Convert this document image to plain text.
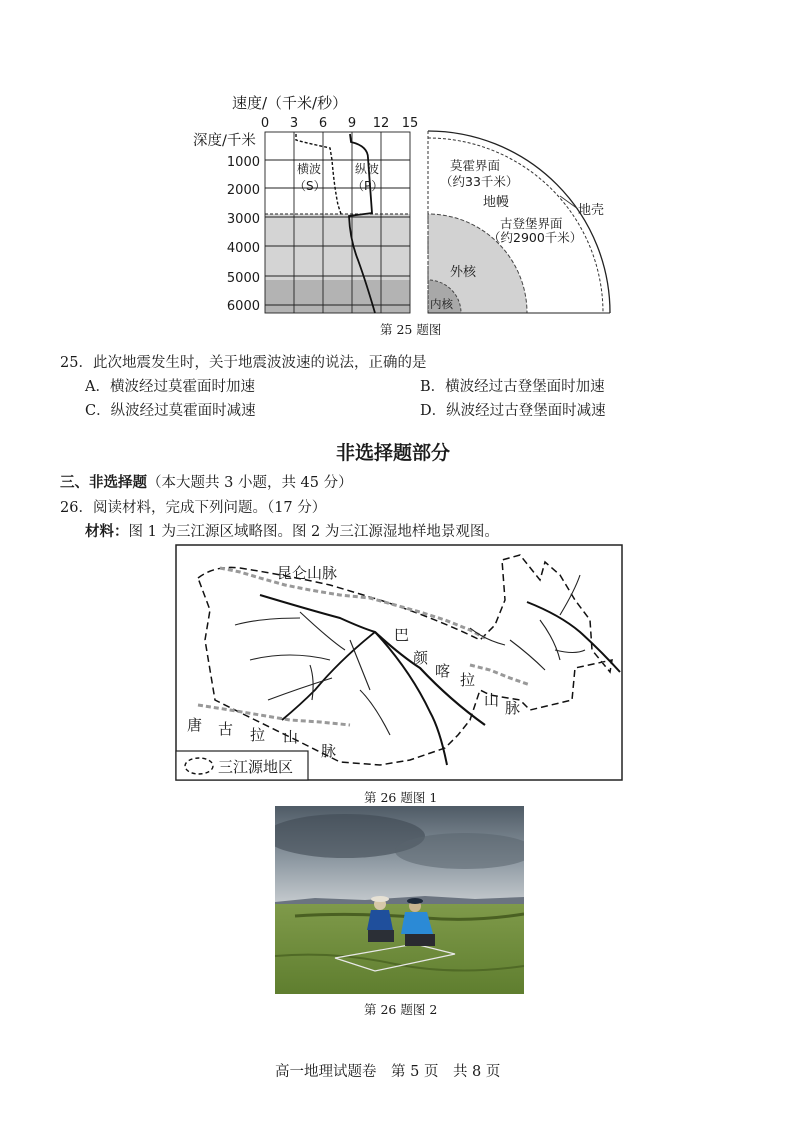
速度/（千米/秒）
深度/千米
0 3 6 9 12 15
1000
2000
3000
4000
5000
6000
横波
（S）
纵波
（P）
莫霍界面
（约33千米）
地幔
地壳
古登堡界面
（约2900千米）
外核
内核
第 25 题图
25．此次地震发生时，关于地震波波速的说法，正确的是
A．横波经过莫霍面时加速	B．横波经过古登堡面时加速
C．纵波经过莫霍面时减速	D．纵波经过古登堡面时减速
非选择题部分
三、非选择题（本大题共 3 小题，共 45 分）
26．阅读材料，完成下列问题。（17 分）
材料：图 1 为三江源区域略图。图 2 为三江源湿地样地景观图。
昆仑山脉
巴
颜
喀 拉
山 脉
唐 古 拉 山
脉
三江源地区
第 26 题图 1
第 26 题图 2
高一地理试题卷　第 5 页　共 8 页
